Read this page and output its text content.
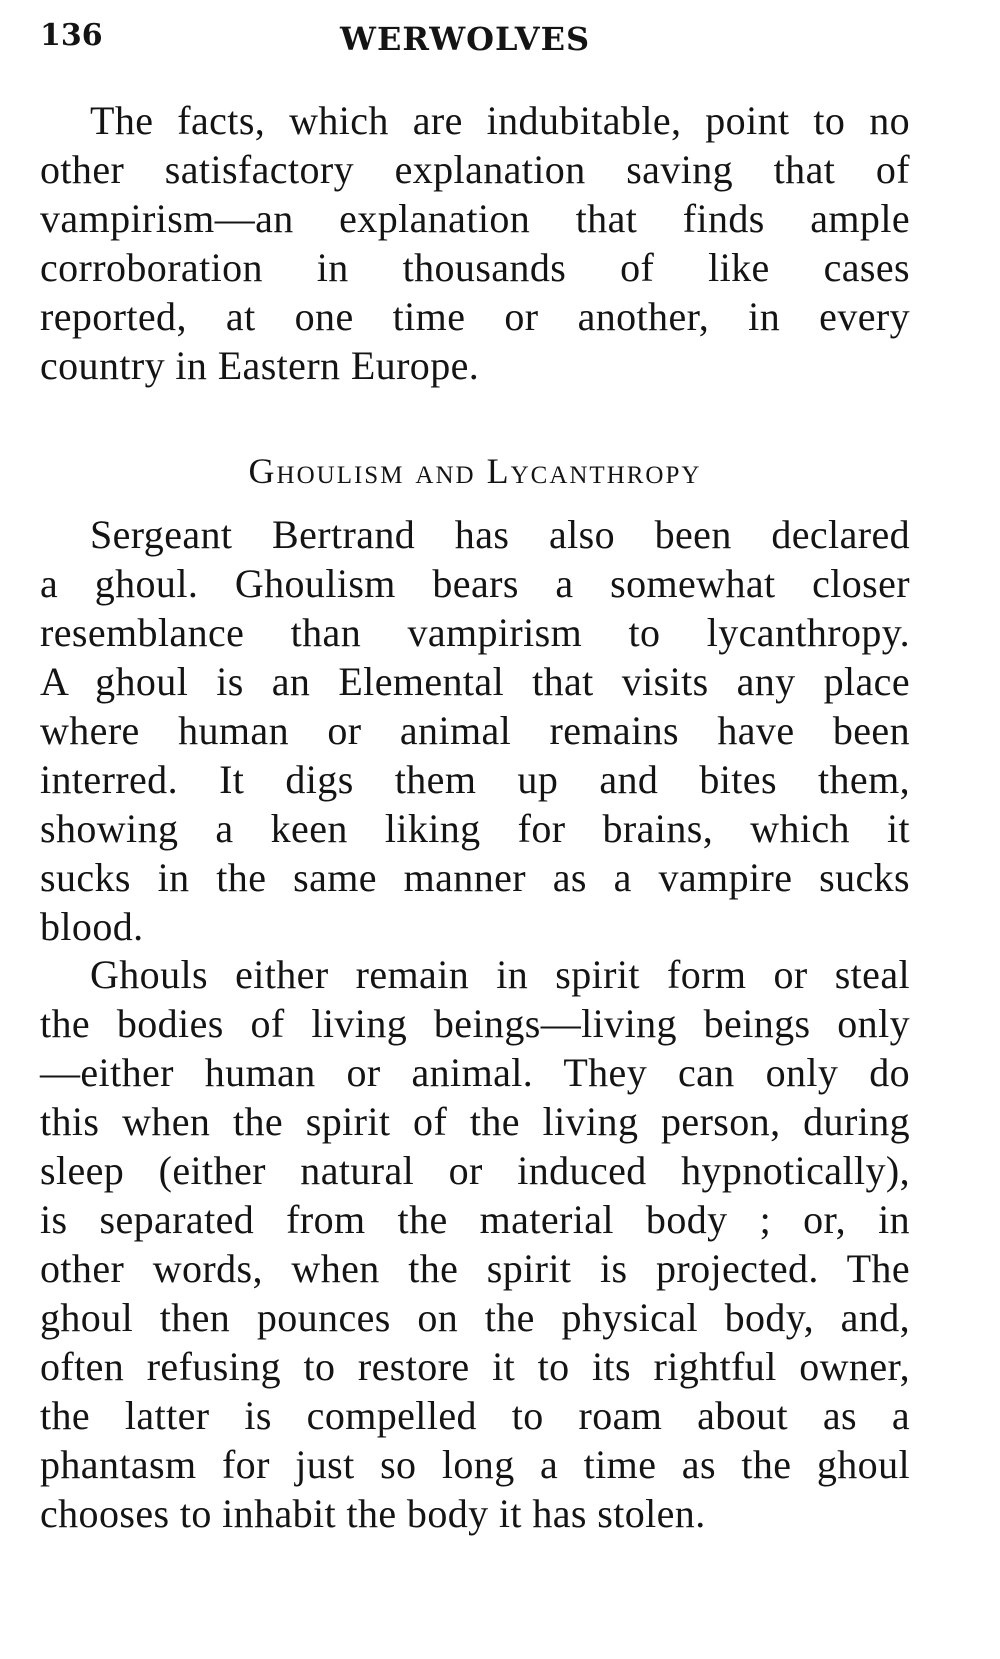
136	WERWOLVES
The facts, which are indubitable, point to no
other satisfactory explanation saving that of
vampirism—an explanation that finds ample
corroboration in thousands of like cases
reported, at one time or another, in every
country in Eastern Europe.
Ghoulism and Lycanthropy
Sergeant Bertrand has also been declared
a ghoul. Ghoulism bears a somewhat closer
resemblance than vampirism to lycanthropy.
A ghoul is an Elemental that visits any place
where human or animal remains have been
interred. It digs them up and bites them,
showing a keen liking for brains, which it
sucks in the same manner as a vampire sucks
blood.
Ghouls either remain in spirit form or steal
the bodies of living beings—living beings only
—either human or animal. They can only do
this when the spirit of the living person, during
sleep (either natural or induced hypnotically),
is separated from the material body ; or, in
other words, when the spirit is projected. The
ghoul then pounces on the physical body, and,
often refusing to restore it to its rightful owner,
the latter is compelled to roam about as a
phantasm for just so long a time as the ghoul
chooses to inhabit the body it has stolen.
